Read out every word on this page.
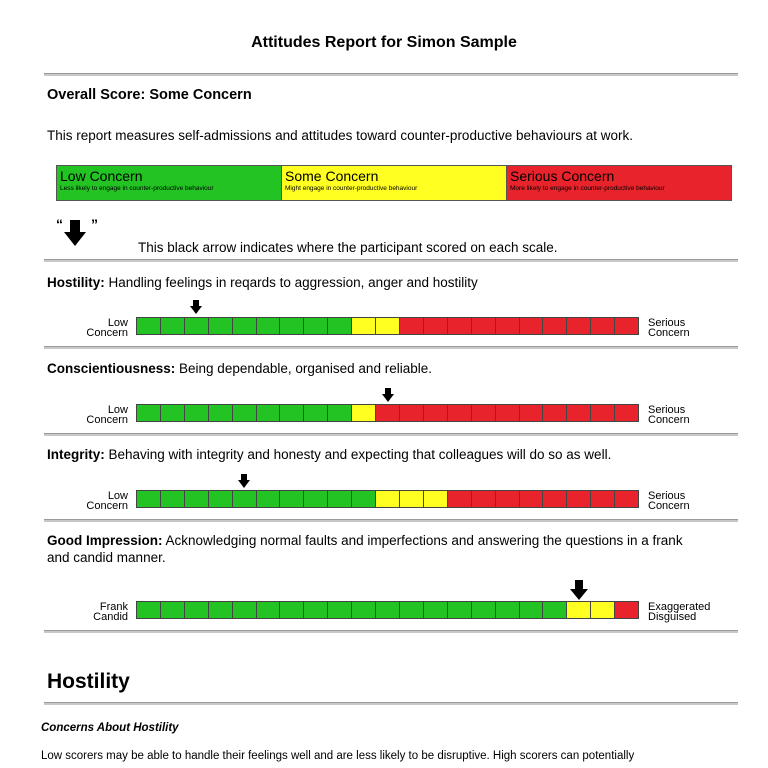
Attitudes Report for Simon Sample
Overall Score: Some Concern
This report measures self-admissions and attitudes toward counter-productive behaviours at work.
Low Concern
Less likely to engage in counter-productive behaviour
Some Concern
Might engage in counter-productive behaviour
Serious Concern
More likely to engage in counter-productive behaviour
“ ”
This black arrow indicates where the participant scored on each scale.
Hostility: Handling feelings in reqards to aggression, anger and hostility
Low
Concern
Serious
Concern
Conscientiousness: Being dependable, organised and reliable.
Low
Concern
Serious
Concern
Integrity: Behaving with integrity and honesty and expecting that colleagues will do so as well.
Low
Concern
Serious
Concern
Good Impression: Acknowledging normal faults and imperfections and answering the questions in a frank and candid manner.
Frank
Candid
Exaggerated
Disguised
Hostility
Concerns About Hostility
Low scorers may be able to handle their feelings well and are less likely to be disruptive. High scorers can potentially
